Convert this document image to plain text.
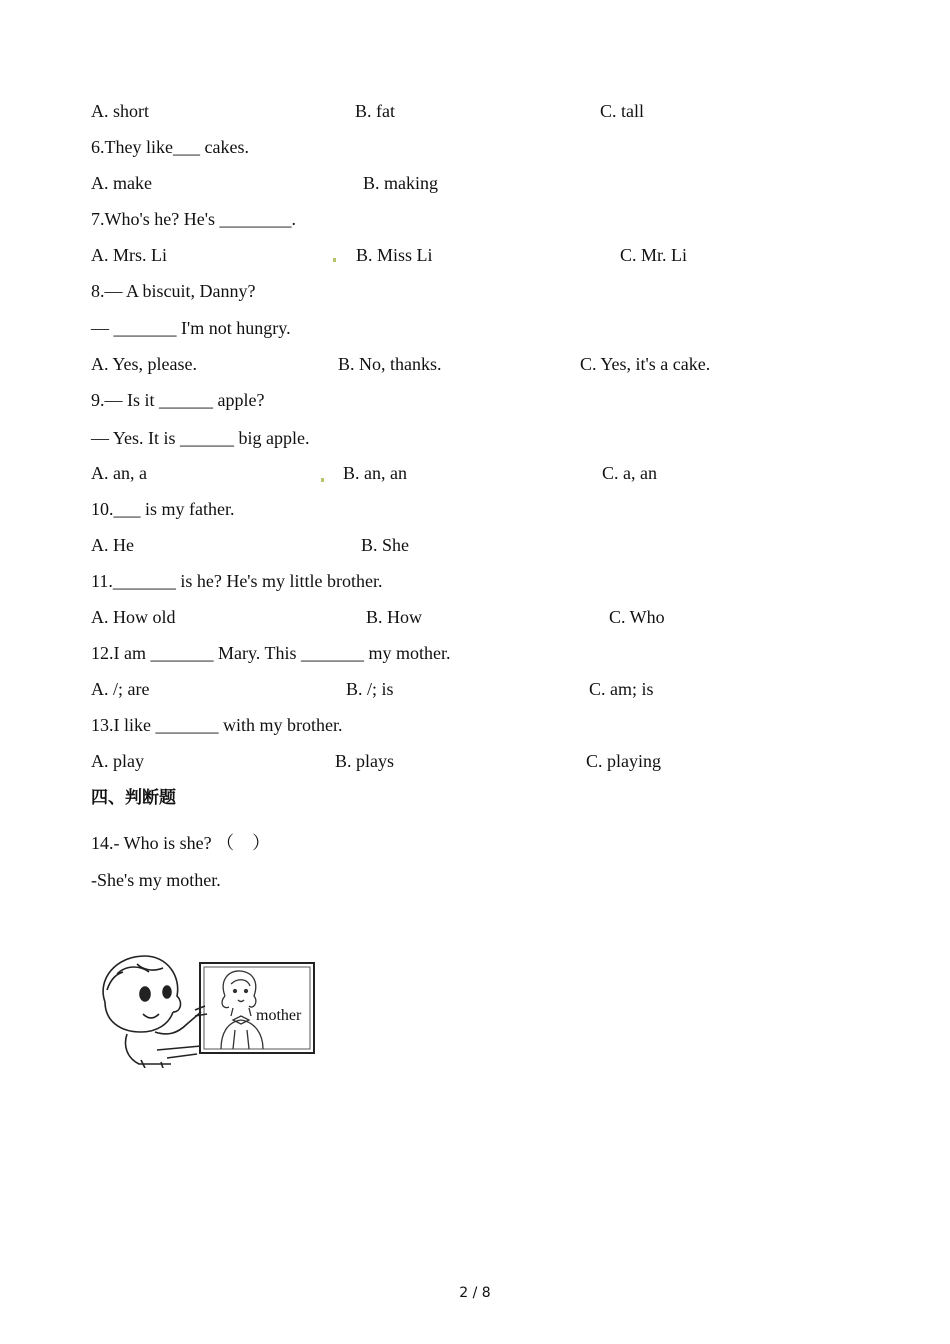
A. short	B. fat	C. tall
6.They like___ cakes.
A. make	B. making
7.Who's he? He's ________.
A. Mrs. Li	B. Miss Li	C. Mr. Li
8.— A biscuit, Danny?
— _______ I'm not hungry.
A. Yes, please.	B. No, thanks.	C. Yes, it's a cake.
9.— Is it ______ apple?
— Yes. It is ______ big apple.
A. an, a	B. an, an	C. a, an
10.___ is my father.
A. He	B. She
11._______ is he? He's my little brother.
A. How old	B. How	C. Who
12.I am _______ Mary. This _______ my mother.
A. /; are	B. /; is	C. am; is
13.I like _______ with my brother.
A. play	B. plays	C. playing
四、判断题
14.- Who is she? （    ）
-She's my mother.
mother
2 / 8
